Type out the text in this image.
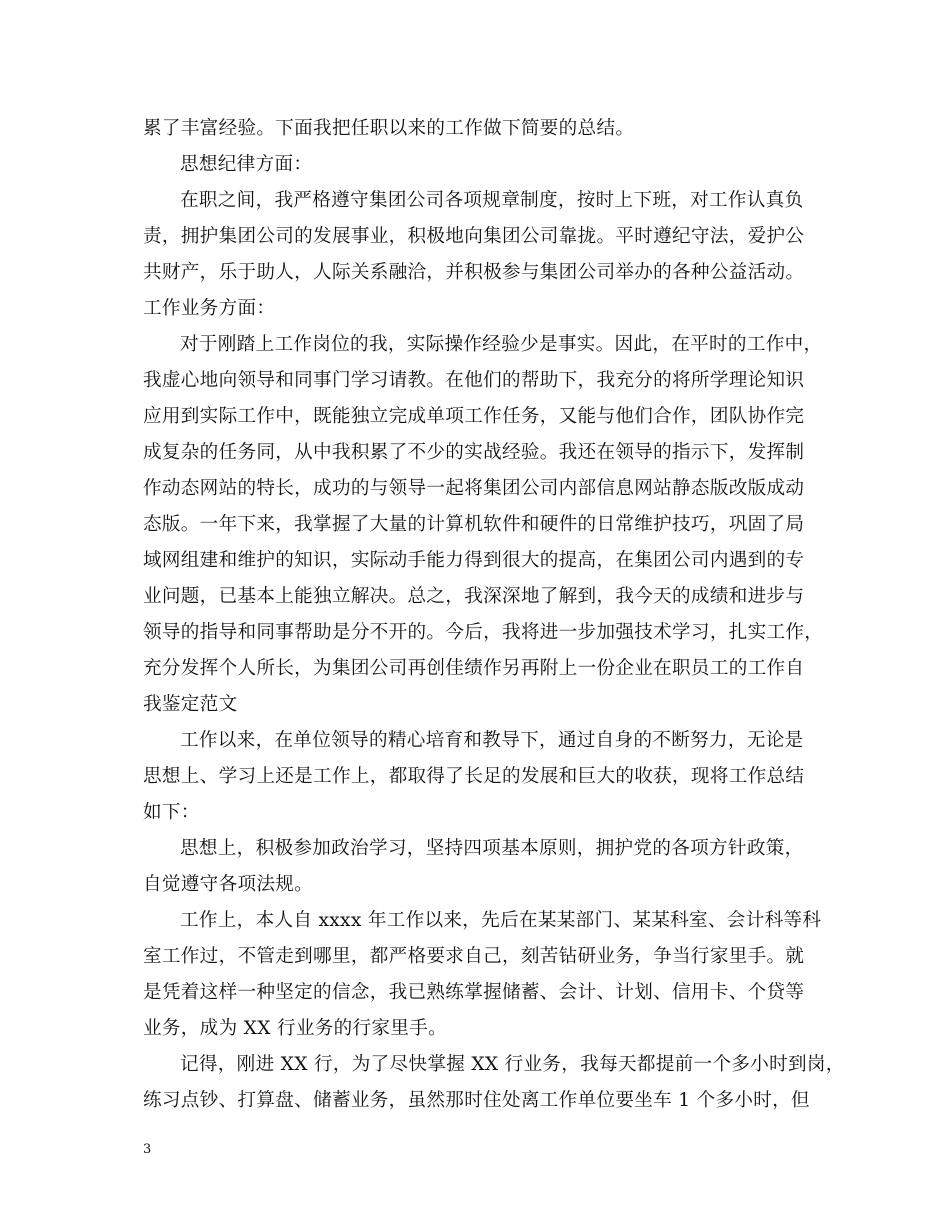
累了丰富经验。下面我把任职以来的工作做下简要的总结。
思想纪律方面：
在职之间，我严格遵守集团公司各项规章制度，按时上下班，对工作认真负
责，拥护集团公司的发展事业，积极地向集团公司靠拢。平时遵纪守法，爱护公
共财产，乐于助人，人际关系融洽，并积极参与集团公司举办的各种公益活动。
工作业务方面：
对于刚踏上工作岗位的我，实际操作经验少是事实。因此，在平时的工作中，
我虚心地向领导和同事门学习请教。在他们的帮助下，我充分的将所学理论知识
应用到实际工作中，既能独立完成单项工作任务，又能与他们合作，团队协作完
成复杂的任务同，从中我积累了不少的实战经验。我还在领导的指示下，发挥制
作动态网站的特长，成功的与领导一起将集团公司内部信息网站静态版改版成动
态版。一年下来，我掌握了大量的计算机软件和硬件的日常维护技巧，巩固了局
域网组建和维护的知识，实际动手能力得到很大的提高，在集团公司内遇到的专
业问题，已基本上能独立解决。总之，我深深地了解到，我今天的成绩和进步与
领导的指导和同事帮助是分不开的。今后，我将进一步加强技术学习，扎实工作，
充分发挥个人所长，为集团公司再创佳绩作另再附上一份企业在职员工的工作自
我鉴定范文
工作以来，在单位领导的精心培育和教导下，通过自身的不断努力，无论是
思想上、学习上还是工作上，都取得了长足的发展和巨大的收获，现将工作总结
如下：
思想上，积极参加政治学习，坚持四项基本原则，拥护党的各项方针政策，
自觉遵守各项法规。
工作上，本人自 xxxx 年工作以来，先后在某某部门、某某科室、会计科等科
室工作过，不管走到哪里，都严格要求自己，刻苦钻研业务，争当行家里手。就
是凭着这样一种坚定的信念，我已熟练掌握储蓄、会计、计划、信用卡、个贷等
业务，成为 XX 行业务的行家里手。
记得，刚进 XX 行，为了尽快掌握 XX 行业务，我每天都提前一个多小时到岗，
练习点钞、打算盘、储蓄业务，虽然那时住处离工作单位要坐车 1 个多小时，但
3
